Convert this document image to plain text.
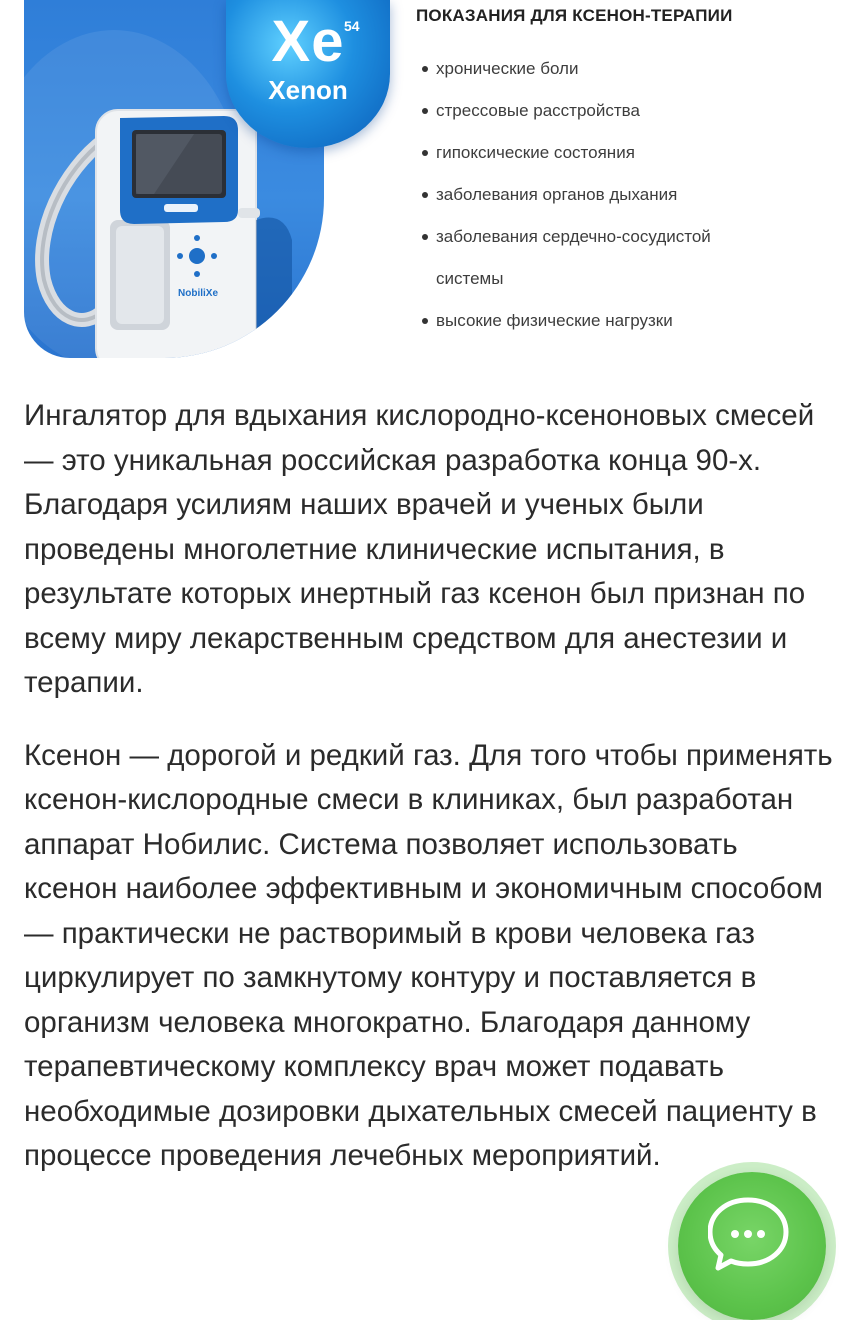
NobiliXe
54
Xe
Xenon
ПОКАЗАНИЯ ДЛЯ КСЕНОН-ТЕРАПИИ
хронические боли
стрессовые расстройства
гипоксические состояния
заболевания органов дыхания
заболевания сердечно-сосудистой
системы
высокие физические нагрузки

Ингалятор для вдыхания кислородно-ксеноновых смесей — это уникальная российская разработка конца 90-х. Благодаря усилиям наших врачей и ученых были проведены многолетние клинические испытания, в результате которых инертный газ ксенон был признан по всему миру лекарственным средством для анестезии и терапии.

Ксенон — дорогой и редкий газ. Для того чтобы применять ксенон-кислородные смеси в клиниках, был разработан аппарат Нобилис. Система позволяет использовать ксенон наиболее эффективным и экономичным способом — практически не растворимый в крови человека газ циркулирует по замкнутому контуру и поставляется в организм человека многократно. Благодаря данному терапевтическому комплексу врач может подавать необходимые дозировки дыхательных смесей пациенту в процессе проведения лечебных мероприятий.
